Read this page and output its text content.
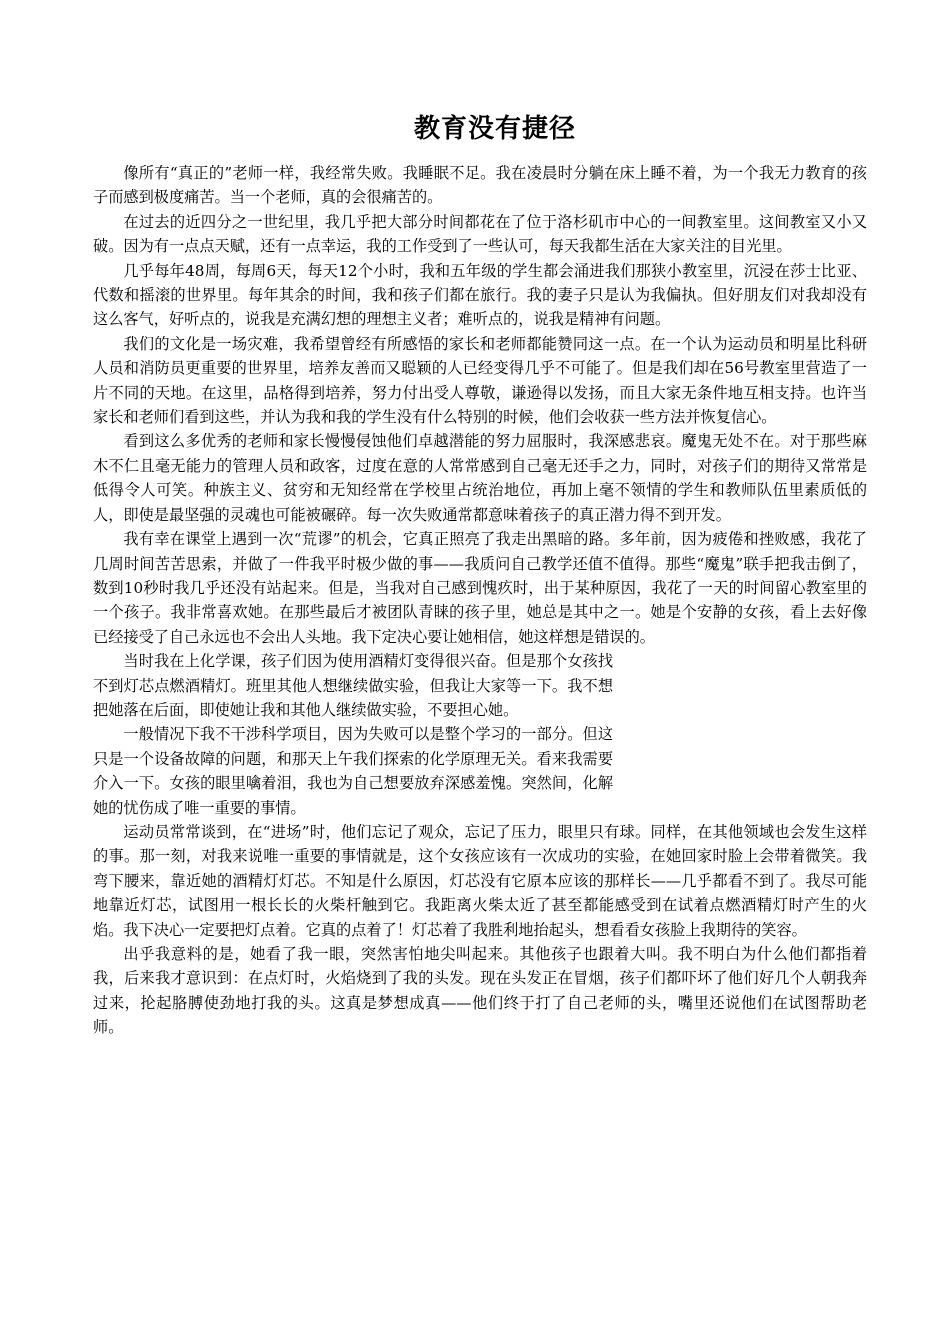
教育没有捷径

像所有“真正的”老师一样，我经常失败。我睡眠不足。我在凌晨时分躺在床上睡不着，为一个我无力教育的孩子而感到极度痛苦。当一个老师，真的会很痛苦的。

在过去的近四分之一世纪里，我几乎把大部分时间都花在了位于洛杉矶市中心的一间教室里。这间教室又小又破。因为有一点点天赋，还有一点幸运，我的工作受到了一些认可，每天我都生活在大家关注的目光里。

几乎每年48周，每周6天，每天12个小时，我和五年级的学生都会涌进我们那狭小教室里，沉浸在莎士比亚、代数和摇滚的世界里。每年其余的时间，我和孩子们都在旅行。我的妻子只是认为我偏执。但好朋友们对我却没有这么客气，好听点的，说我是充满幻想的理想主义者；难听点的，说我是精神有问题。

我们的文化是一场灾难，我希望曾经有所感悟的家长和老师都能赞同这一点。在一个认为运动员和明星比科研人员和消防员更重要的世界里，培养友善而又聪颖的人已经变得几乎不可能了。但是我们却在56号教室里营造了一片不同的天地。在这里，品格得到培养，努力付出受人尊敬，谦逊得以发扬，而且大家无条件地互相支持。也许当家长和老师们看到这些，并认为我和我的学生没有什么特别的时候，他们会收获一些方法并恢复信心。

看到这么多优秀的老师和家长慢慢侵蚀他们卓越潜能的努力屈服时，我深感悲哀。魔鬼无处不在。对于那些麻木不仁且毫无能力的管理人员和政客，过度在意的人常常感到自己毫无还手之力，同时，对孩子们的期待又常常是低得令人可笑。种族主义、贫穷和无知经常在学校里占统治地位，再加上毫不领情的学生和教师队伍里素质低的人，即使是最坚强的灵魂也可能被碾碎。每一次失败通常都意味着孩子的真正潜力得不到开发。

我有幸在课堂上遇到一次“荒谬”的机会，它真正照亮了我走出黑暗的路。多年前，因为疲倦和挫败感，我花了几周时间苦苦思索，并做了一件我平时极少做的事——我质问自己教学还值不值得。那些“魔鬼”联手把我击倒了，数到10秒时我几乎还没有站起来。但是，当我对自己感到愧疚时，出于某种原因，我花了一天的时间留心教室里的一个孩子。我非常喜欢她。在那些最后才被团队青睐的孩子里，她总是其中之一。她是个安静的女孩，看上去好像已经接受了自己永远也不会出人头地。我下定决心要让她相信，她这样想是错误的。

当时我在上化学课，孩子们因为使用酒精灯变得很兴奋。但是那个女孩找不到灯芯点燃酒精灯。班里其他人想继续做实验，但我让大家等一下。我不想把她落在后面，即使她让我和其他人继续做实验，不要担心她。

一般情况下我不干涉科学项目，因为失败可以是整个学习的一部分。但这只是一个设备故障的问题，和那天上午我们探索的化学原理无关。看来我需要介入一下。女孩的眼里噙着泪，我也为自己想要放弃深感羞愧。突然间，化解她的忧伤成了唯一重要的事情。

运动员常常谈到，在“进场”时，他们忘记了观众，忘记了压力，眼里只有球。同样，在其他领域也会发生这样的事。那一刻，对我来说唯一重要的事情就是，这个女孩应该有一次成功的实验，在她回家时脸上会带着微笑。我弯下腰来，靠近她的酒精灯灯芯。不知是什么原因，灯芯没有它原本应该的那样长——几乎都看不到了。我尽可能地靠近灯芯，试图用一根长长的火柴杆触到它。我距离火柴太近了甚至都能感受到在试着点燃酒精灯时产生的火焰。我下决心一定要把灯点着。它真的点着了！灯芯着了我胜利地抬起头，想看看女孩脸上我期待的笑容。

出乎我意料的是，她看了我一眼，突然害怕地尖叫起来。其他孩子也跟着大叫。我不明白为什么他们都指着我，后来我才意识到：在点灯时，火焰烧到了我的头发。现在头发正在冒烟，孩子们都吓坏了他们好几个人朝我奔过来，抡起胳膊使劲地打我的头。这真是梦想成真——他们终于打了自己老师的头，嘴里还说他们在试图帮助老师。
